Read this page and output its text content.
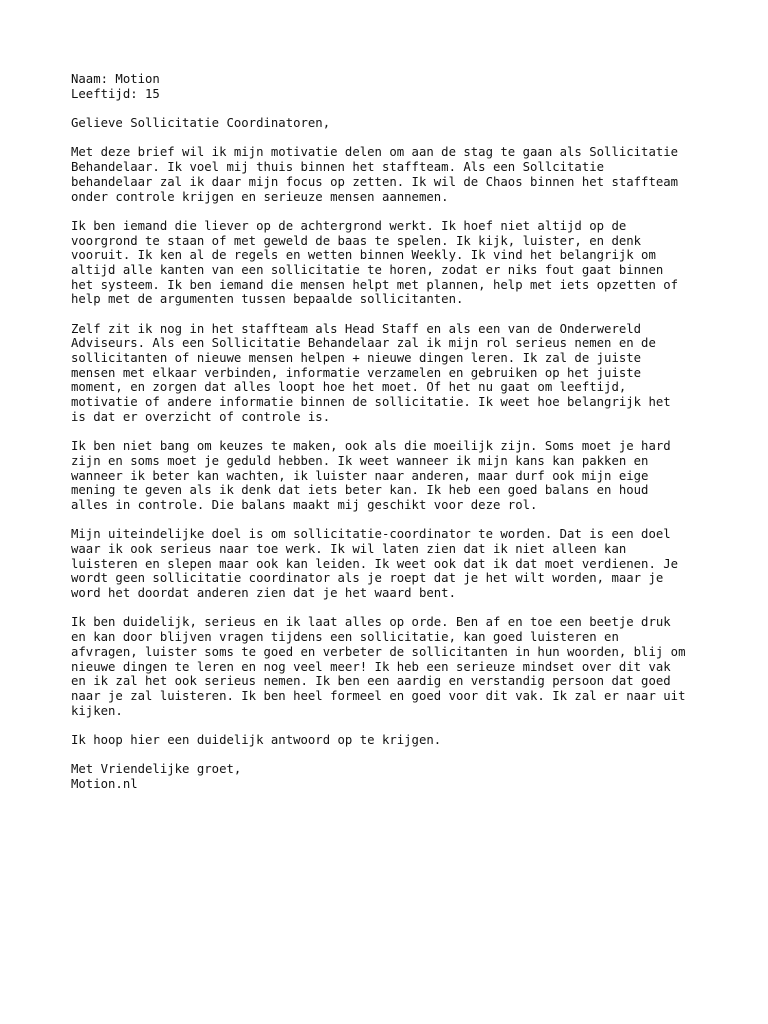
Naam: Motion
Leeftijd: 15
Gelieve Sollicitatie Coordinatoren,
Met deze brief wil ik mijn motivatie delen om aan de stag te gaan als Sollicitatie
Behandelaar. Ik voel mij thuis binnen het staffteam. Als een Sollcitatie
behandelaar zal ik daar mijn focus op zetten. Ik wil de Chaos binnen het staffteam
onder controle krijgen en serieuze mensen aannemen.
Ik ben iemand die liever op de achtergrond werkt. Ik hoef niet altijd op de
voorgrond te staan of met geweld de baas te spelen. Ik kijk, luister, en denk
vooruit. Ik ken al de regels en wetten binnen Weekly. Ik vind het belangrijk om
altijd alle kanten van een sollicitatie te horen, zodat er niks fout gaat binnen
het systeem. Ik ben iemand die mensen helpt met plannen, help met iets opzetten of
help met de argumenten tussen bepaalde sollicitanten.
Zelf zit ik nog in het staffteam als Head Staff en als een van de Onderwereld
Adviseurs. Als een Sollicitatie Behandelaar zal ik mijn rol serieus nemen en de
sollicitanten of nieuwe mensen helpen + nieuwe dingen leren. Ik zal de juiste
mensen met elkaar verbinden, informatie verzamelen en gebruiken op het juiste
moment, en zorgen dat alles loopt hoe het moet. Of het nu gaat om leeftijd,
motivatie of andere informatie binnen de sollicitatie. Ik weet hoe belangrijk het
is dat er overzicht of controle is.
Ik ben niet bang om keuzes te maken, ook als die moeilijk zijn. Soms moet je hard
zijn en soms moet je geduld hebben. Ik weet wanneer ik mijn kans kan pakken en
wanneer ik beter kan wachten, ik luister naar anderen, maar durf ook mijn eige
mening te geven als ik denk dat iets beter kan. Ik heb een goed balans en houd
alles in controle. Die balans maakt mij geschikt voor deze rol.
Mijn uiteindelijke doel is om sollicitatie-coordinator te worden. Dat is een doel
waar ik ook serieus naar toe werk. Ik wil laten zien dat ik niet alleen kan
luisteren en slepen maar ook kan leiden. Ik weet ook dat ik dat moet verdienen. Je
wordt geen sollicitatie coordinator als je roept dat je het wilt worden, maar je
word het doordat anderen zien dat je het waard bent.
Ik ben duidelijk, serieus en ik laat alles op orde. Ben af en toe een beetje druk
en kan door blijven vragen tijdens een sollicitatie, kan goed luisteren en
afvragen, luister soms te goed en verbeter de sollicitanten in hun woorden, blij om
nieuwe dingen te leren en nog veel meer! Ik heb een serieuze mindset over dit vak
en ik zal het ook serieus nemen. Ik ben een aardig en verstandig persoon dat goed
naar je zal luisteren. Ik ben heel formeel en goed voor dit vak. Ik zal er naar uit
kijken.
Ik hoop hier een duidelijk antwoord op te krijgen.
Met Vriendelijke groet,
Motion.nl
